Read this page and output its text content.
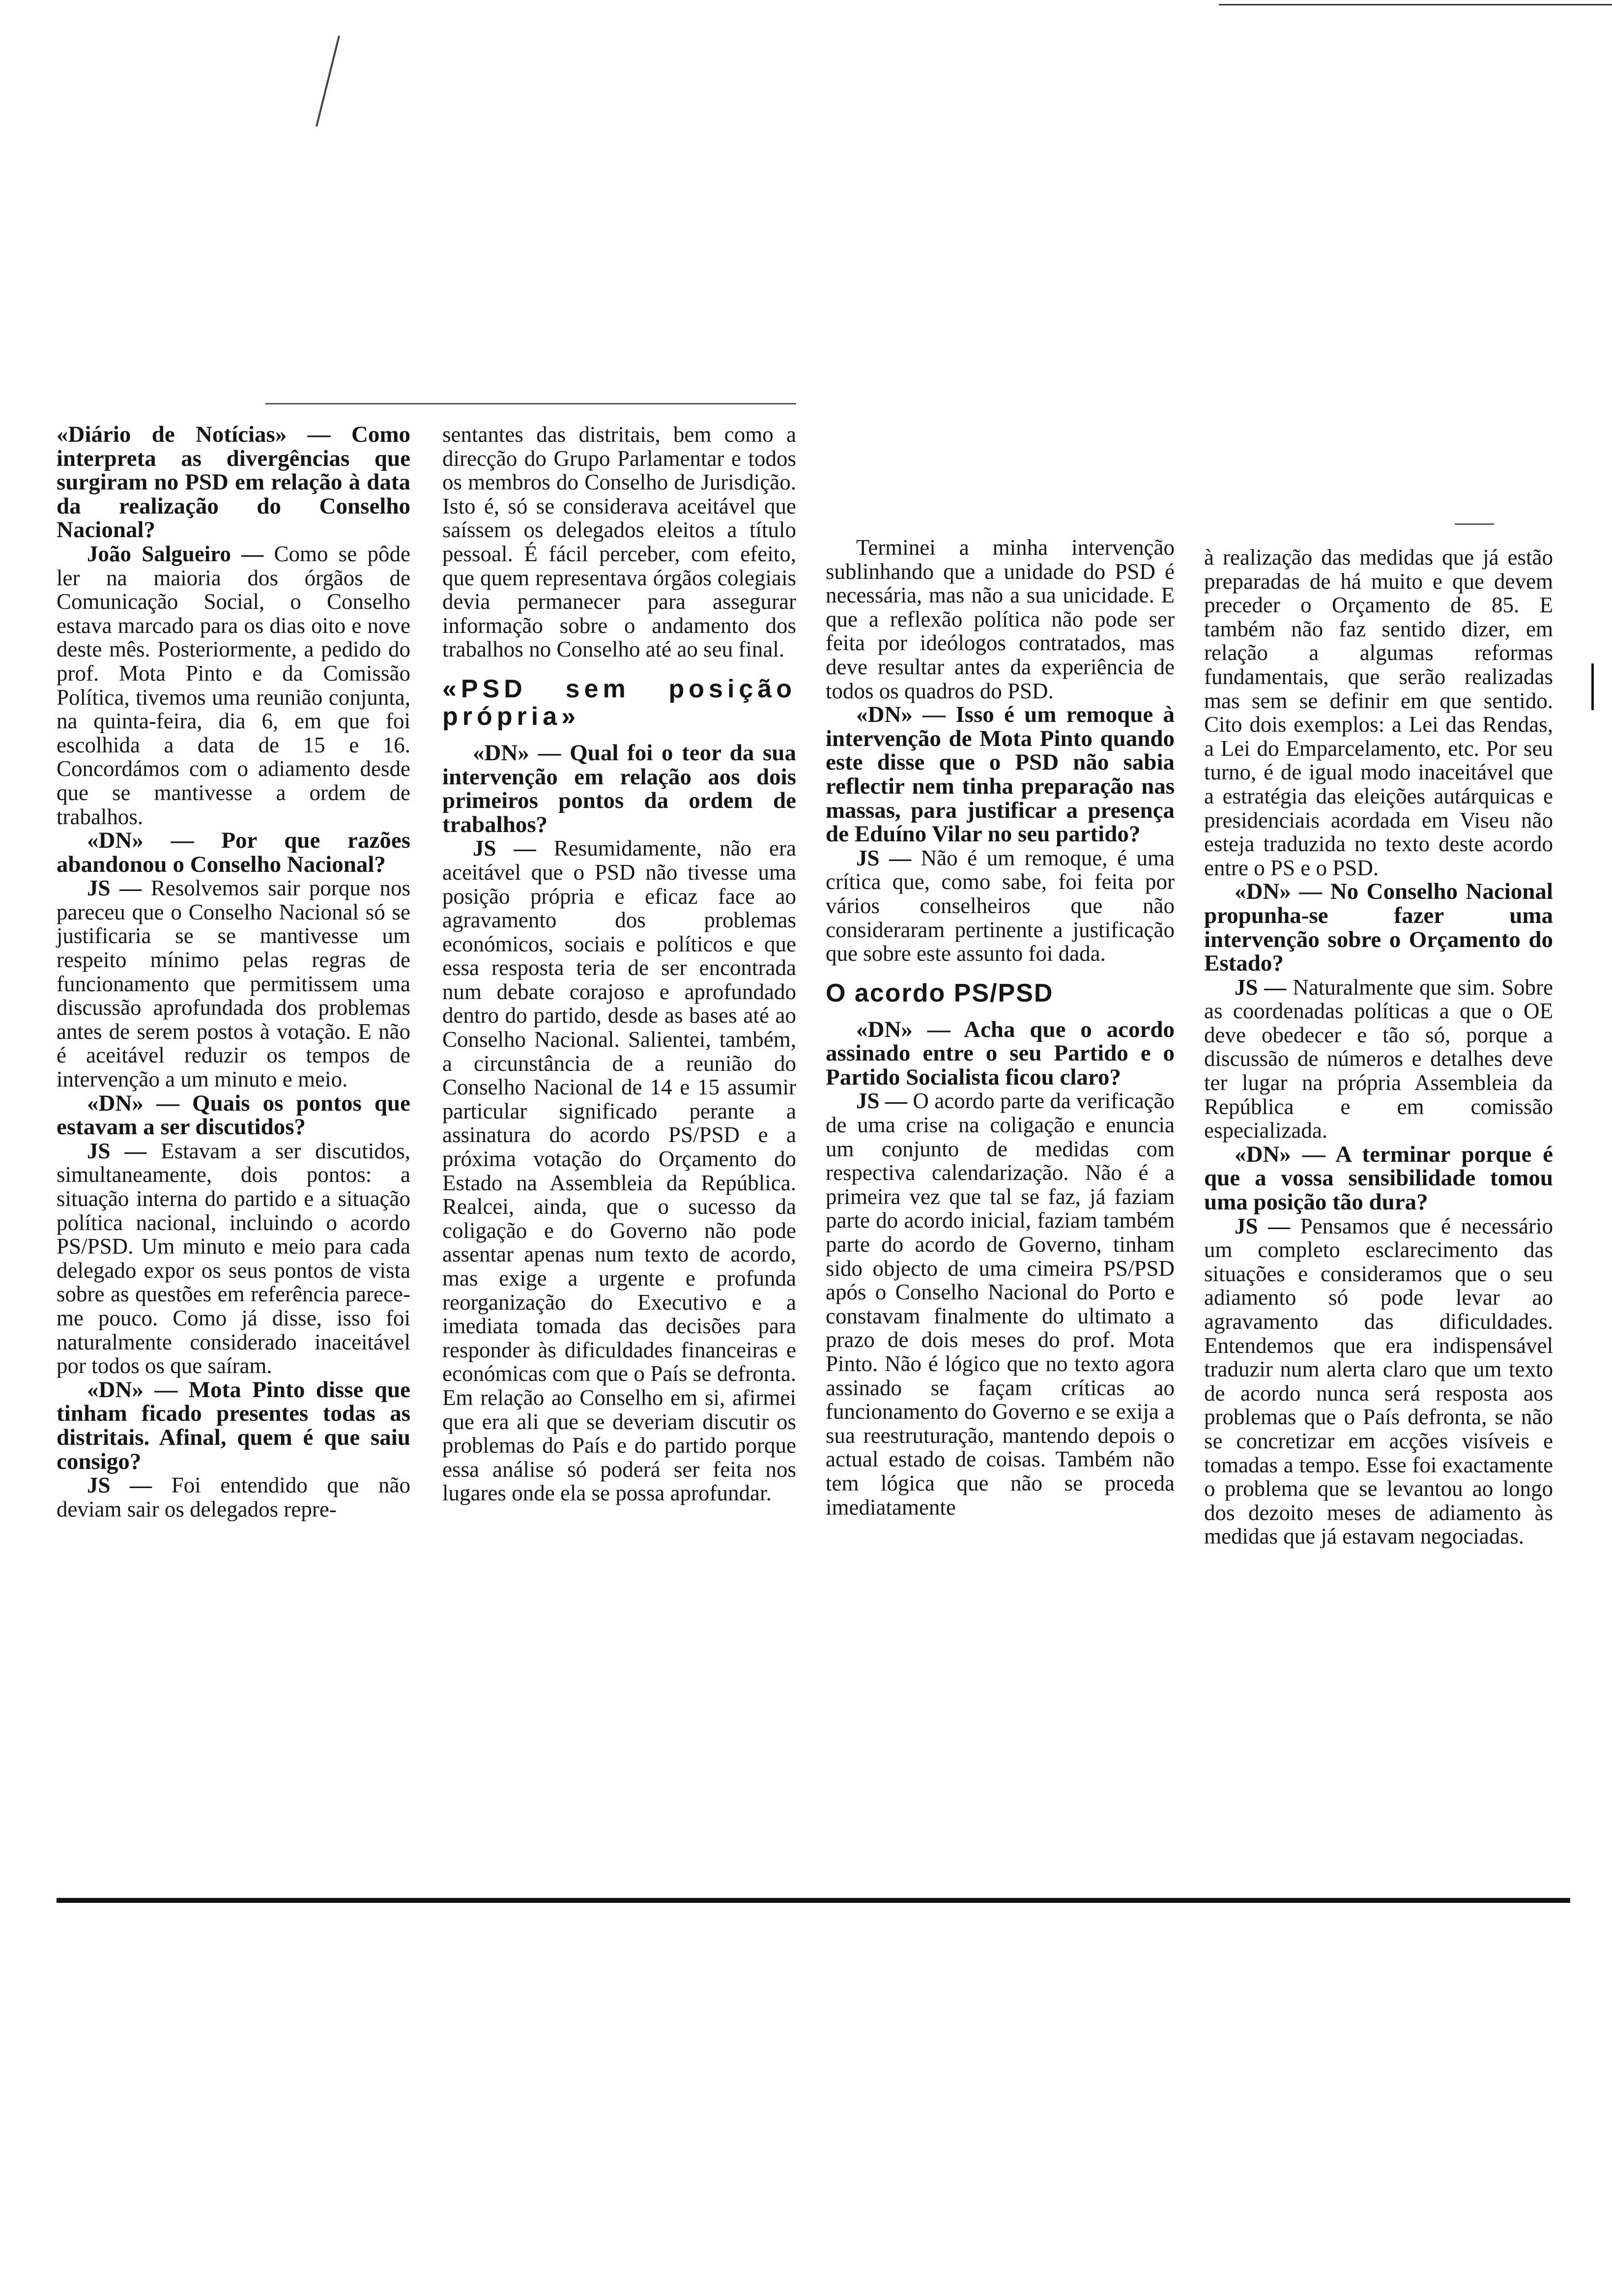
«Diário de Notícias» — Como interpreta as divergências que surgiram no PSD em relação à data da realização do Conselho Nacional?

João Salgueiro — Como se pôde ler na maioria dos órgãos de Comunicação Social, o Conselho estava marcado para os dias oito e nove deste mês. Posteriormente, a pedido do prof. Mota Pinto e da Comissão Política, tivemos uma reunião conjunta, na quinta-feira, dia 6, em que foi escolhida a data de 15 e 16. Concordámos com o adiamento desde que se mantivesse a ordem de trabalhos.

«DN» — Por que razões abandonou o Conselho Nacional?

JS — Resolvemos sair porque nos pareceu que o Conselho Nacional só se justificaria se se mantivesse um respeito mínimo pelas regras de funcionamento que permitissem uma discussão aprofundada dos problemas antes de serem postos à votação. E não é aceitável reduzir os tempos de intervenção a um minuto e meio.

«DN» — Quais os pontos que estavam a ser discutidos?

JS — Estavam a ser discutidos, simultaneamente, dois pontos: a situação interna do partido e a situação política nacional, incluindo o acordo PS/PSD. Um minuto e meio para cada delegado expor os seus pontos de vista sobre as questões em referência parece-me pouco. Como já disse, isso foi naturalmente considerado inaceitável por todos os que saíram.

«DN» — Mota Pinto disse que tinham ficado presentes todas as distritais. Afinal, quem é que saiu consigo?

JS — Foi entendido que não deviam sair os delegados repre-

sentantes das distritais, bem como a direcção do Grupo Parlamentar e todos os membros do Conselho de Jurisdição. Isto é, só se considerava aceitável que saíssem os delegados eleitos a título pessoal. É fácil perceber, com efeito, que quem representava órgãos colegiais devia permanecer para assegurar informação sobre o andamento dos trabalhos no Conselho até ao seu final.

«PSD sem posição própria»

«DN» — Qual foi o teor da sua intervenção em relação aos dois primeiros pontos da ordem de trabalhos?

JS — Resumidamente, não era aceitável que o PSD não tivesse uma posição própria e eficaz face ao agravamento dos problemas económicos, sociais e políticos e que essa resposta teria de ser encontrada num debate corajoso e aprofundado dentro do partido, desde as bases até ao Conselho Nacional. Salientei, também, a circunstância de a reunião do Conselho Nacional de 14 e 15 assumir particular significado perante a assinatura do acordo PS/PSD e a próxima votação do Orçamento do Estado na Assembleia da República. Realcei, ainda, que o sucesso da coligação e do Governo não pode assentar apenas num texto de acordo, mas exige a urgente e profunda reorganização do Executivo e a imediata tomada das decisões para responder às dificuldades financeiras e económicas com que o País se defronta. Em relação ao Conselho em si, afirmei que era ali que se deveriam discutir os problemas do País e do partido porque essa análise só poderá ser feita nos lugares onde ela se possa aprofundar.

Terminei a minha intervenção sublinhando que a unidade do PSD é necessária, mas não a sua unicidade. E que a reflexão política não pode ser feita por ideólogos contratados, mas deve resultar antes da experiência de todos os quadros do PSD.

«DN» — Isso é um remoque à intervenção de Mota Pinto quando este disse que o PSD não sabia reflectir nem tinha preparação nas massas, para justificar a presença de Eduíno Vilar no seu partido?

JS — Não é um remoque, é uma crítica que, como sabe, foi feita por vários conselheiros que não consideraram pertinente a justificação que sobre este assunto foi dada.

O acordo PS/PSD

«DN» — Acha que o acordo assinado entre o seu Partido e o Partido Socialista ficou claro?

JS — O acordo parte da verificação de uma crise na coligação e enuncia um conjunto de medidas com respectiva calendarização. Não é a primeira vez que tal se faz, já faziam parte do acordo inicial, faziam também parte do acordo de Governo, tinham sido objecto de uma cimeira PS/PSD após o Conselho Nacional do Porto e constavam finalmente do ultimato a prazo de dois meses do prof. Mota Pinto. Não é lógico que no texto agora assinado se façam críticas ao funcionamento do Governo e se exija a sua reestruturação, mantendo depois o actual estado de coisas. Também não tem lógica que não se proceda imediatamente

à realização das medidas que já estão preparadas de há muito e que devem preceder o Orçamento de 85. E também não faz sentido dizer, em relação a algumas reformas fundamentais, que serão realizadas mas sem se definir em que sentido. Cito dois exemplos: a Lei das Rendas, a Lei do Emparcelamento, etc. Por seu turno, é de igual modo inaceitável que a estratégia das eleições autárquicas e presidenciais acordada em Viseu não esteja traduzida no texto deste acordo entre o PS e o PSD.

«DN» — No Conselho Nacional propunha-se fazer uma intervenção sobre o Orçamento do Estado?

JS — Naturalmente que sim. Sobre as coordenadas políticas a que o OE deve obedecer e tão só, porque a discussão de números e detalhes deve ter lugar na própria Assembleia da República e em comissão especializada.

«DN» — A terminar porque é que a vossa sensibilidade tomou uma posição tão dura?

JS — Pensamos que é necessário um completo esclarecimento das situações e consideramos que o seu adiamento só pode levar ao agravamento das dificuldades. Entendemos que era indispensável traduzir num alerta claro que um texto de acordo nunca será resposta aos problemas que o País defronta, se não se concretizar em acções visíveis e tomadas a tempo. Esse foi exactamente o problema que se levantou ao longo dos dezoito meses de adiamento às medidas que já estavam negociadas.
